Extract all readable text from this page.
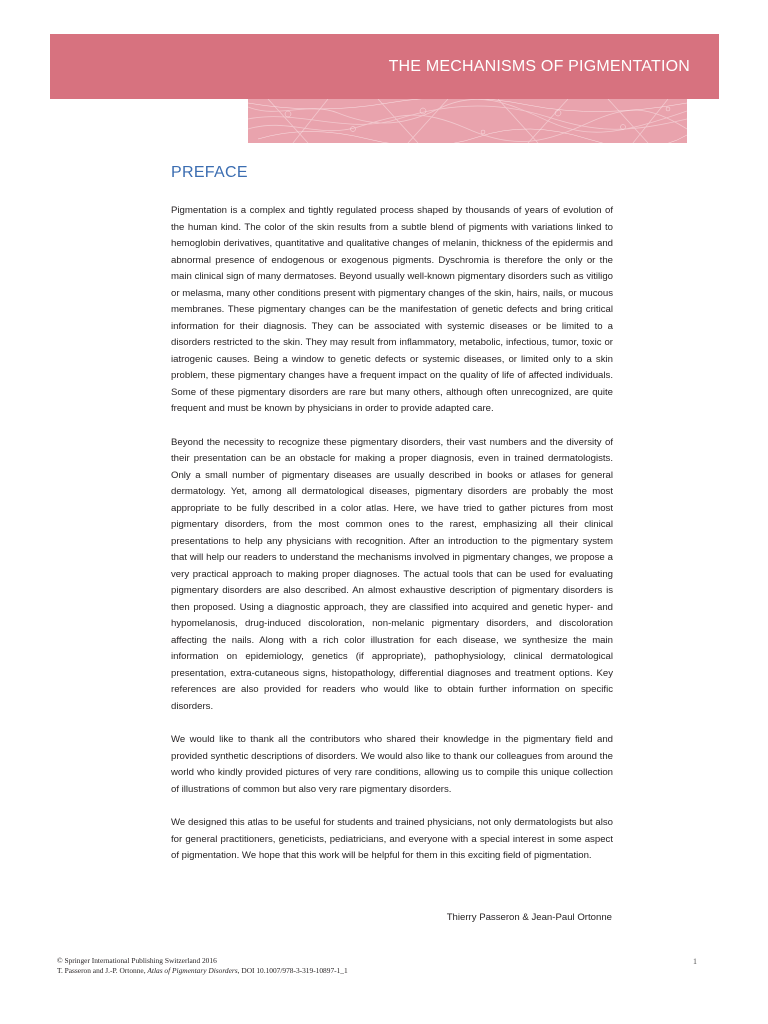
THE MECHANISMS OF PIGMENTATION
PREFACE

Pigmentation is a complex and tightly regulated process shaped by thousands of years of evolution of the human kind. The color of the skin results from a subtle blend of pigments with variations linked to hemoglobin derivatives, quantitative and qualitative changes of melanin, thickness of the epidermis and abnormal presence of endogenous or exogenous pigments. Dyschromia is therefore the only or the main clinical sign of many dermatoses. Beyond usually well-known pigmentary disorders such as vitiligo or melasma, many other conditions present with pigmentary changes of the skin, hairs, nails, or mucous membranes. These pigmentary changes can be the manifestation of genetic defects and bring critical information for their diagnosis. They can be associated with systemic diseases or be limited to a disorders restricted to the skin. They may result from inflammatory, metabolic, infectious, tumor, toxic or iatrogenic causes. Being a window to genetic defects or systemic diseases, or limited only to a skin problem, these pigmentary changes have a frequent impact on the quality of life of affected individuals. Some of these pigmentary disorders are rare but many others, although often unrecognized, are quite frequent and must be known by physicians in order to provide adapted care.

Beyond the necessity to recognize these pigmentary disorders, their vast numbers and the diversity of their presentation can be an obstacle for making a proper diagnosis, even in trained dermatologists. Only a small number of pigmentary diseases are usually described in books or atlases for general dermatology. Yet, among all dermatological diseases, pigmentary disorders are probably the most appropriate to be fully described in a color atlas. Here, we have tried to gather pictures from most pigmentary disorders, from the most common ones to the rarest, emphasizing all their clinical presentations to help any physicians with recognition. After an introduction to the pigmentary system that will help our readers to understand the mechanisms involved in pigmentary changes, we propose a very practical approach to making proper diagnoses. The actual tools that can be used for evaluating pigmentary disorders are also described. An almost exhaustive description of pigmentary disorders is then proposed. Using a diagnostic approach, they are classified into acquired and genetic hyper- and hypomelanosis, drug-induced discoloration, non-melanic pigmentary disorders, and discoloration affecting the nails. Along with a rich color illustration for each disease, we synthesize the main information on epidemiology, genetics (if appropriate), pathophysiology, clinical dermatological presentation, extra-cutaneous signs, histopathology, differential diagnoses and treatment options. Key references are also provided for readers who would like to obtain further information on specific disorders.

We would like to thank all the contributors who shared their knowledge in the pigmentary field and provided synthetic descriptions of disorders. We would also like to thank our colleagues from around the world who kindly provided pictures of very rare conditions, allowing us to compile this unique collection of illustrations of common but also very rare pigmentary disorders.

We designed this atlas to be useful for students and trained physicians, not only dermatologists but also for general practitioners, geneticists, pediatricians, and everyone with a special interest in some aspect of pigmentation. We hope that this work will be helpful for them in this exciting field of pigmentation.

Thierry Passeron & Jean-Paul Ortonne
© Springer International Publishing Switzerland 2016
T. Passeron and J.-P. Ortonne, Atlas of Pigmentary Disorders, DOI 10.1007/978-3-319-10897-1_1
1
